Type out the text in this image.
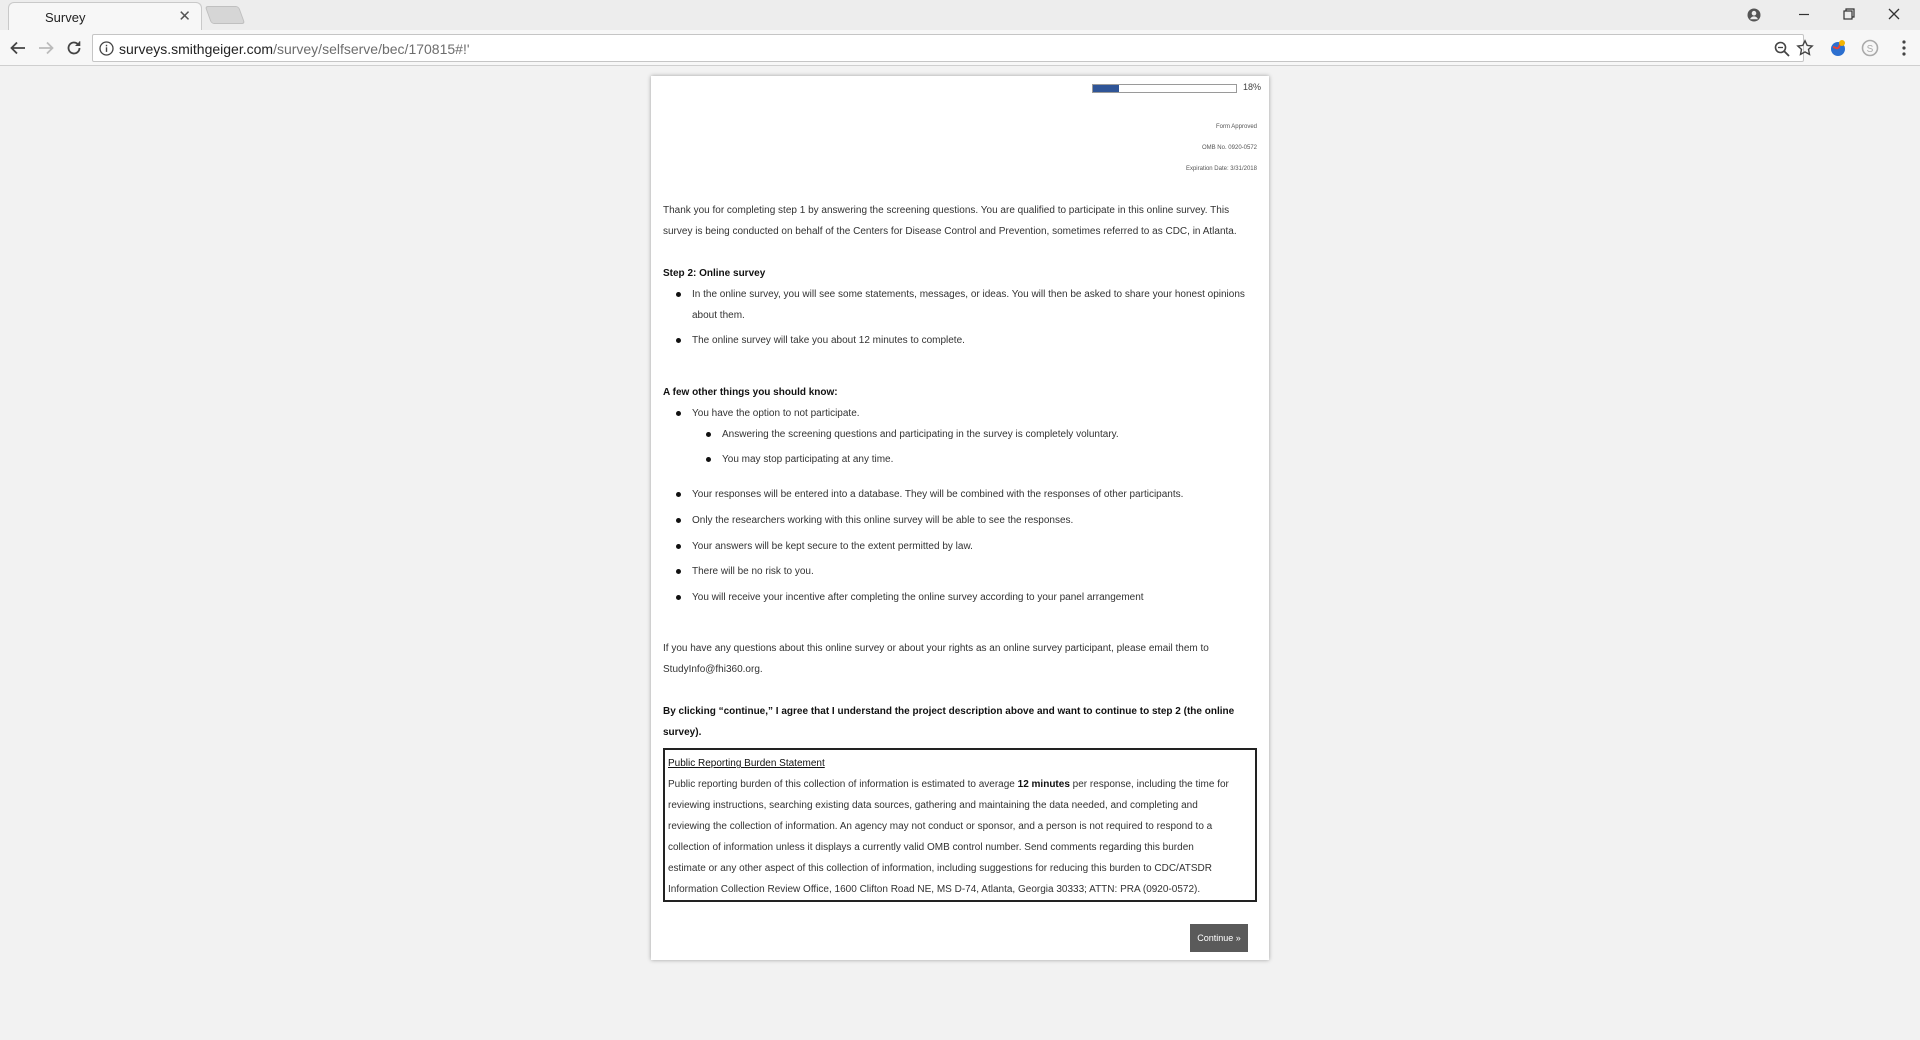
Survey	✕
surveys.smithgeiger.com/survey/selfserve/bec/170815#!'	S
18%
Form Approved
OMB No. 0920-0572
Expiration Date: 3/31/2018
Thank you for completing step 1 by answering the screening questions. You are qualified to participate in this online survey. This
survey is being conducted on behalf of the Centers for Disease Control and Prevention, sometimes referred to as CDC, in Atlanta.
Step 2: Online survey
In the online survey, you will see some statements, messages, or ideas. You will then be asked to share your honest opinions
about them.
The online survey will take you about 12 minutes to complete.
A few other things you should know:
You have the option to not participate.
Answering the screening questions and participating in the survey is completely voluntary.
You may stop participating at any time.
Your responses will be entered into a database. They will be combined with the responses of other participants.
Only the researchers working with this online survey will be able to see the responses.
Your answers will be kept secure to the extent permitted by law.
There will be no risk to you.
You will receive your incentive after completing the online survey according to your panel arrangement
If you have any questions about this online survey or about your rights as an online survey participant, please email them to
StudyInfo@fhi360.org.
By clicking “continue,” I agree that I understand the project description above and want to continue to step 2 (the online survey).
Public Reporting Burden Statement
Public reporting burden of this collection of information is estimated to average 12 minutes per response, including the time for
reviewing instructions, searching existing data sources, gathering and maintaining the data needed, and completing and
reviewing the collection of information. An agency may not conduct or sponsor, and a person is not required to respond to a
collection of information unless it displays a currently valid OMB control number. Send comments regarding this burden
estimate or any other aspect of this collection of information, including suggestions for reducing this burden to CDC/ATSDR
Information Collection Review Office, 1600 Clifton Road NE, MS D-74, Atlanta, Georgia 30333; ATTN: PRA (0920-0572).
Continue »
